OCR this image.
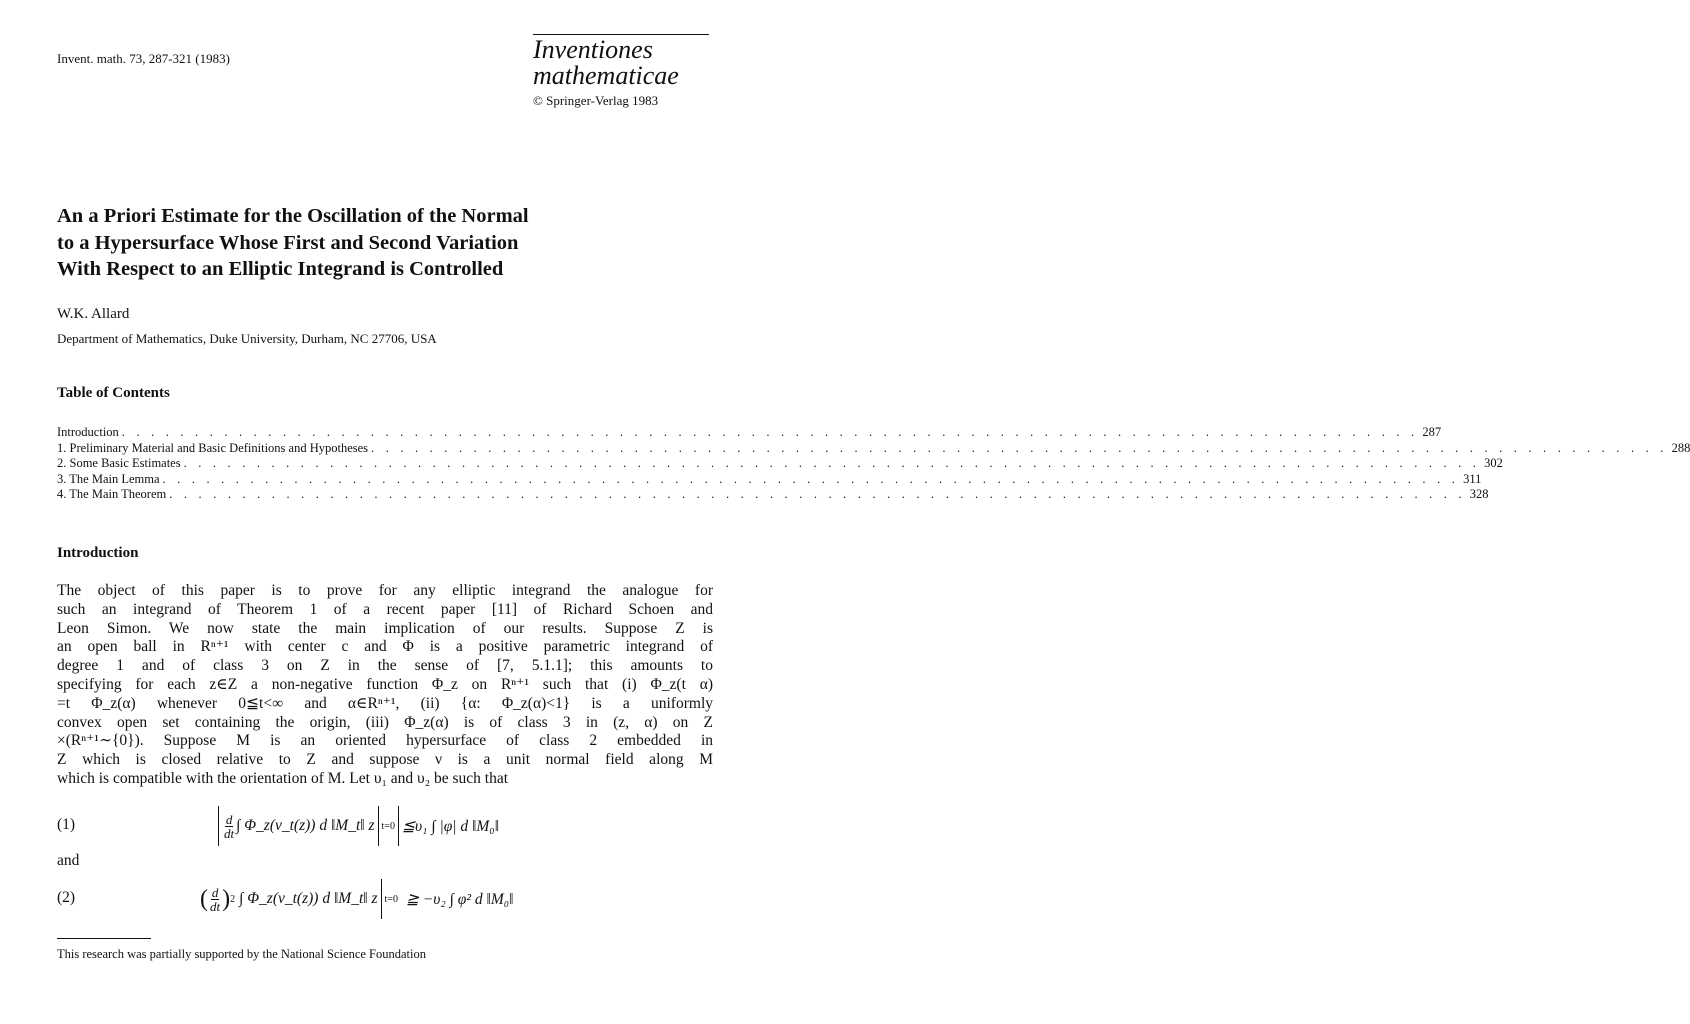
Invent. math. 73, 287-321 (1983)	Inventiones
mathematicae
© Springer-Verlag 1983
An a Priori Estimate for the Oscillation of the Normal
to a Hypersurface Whose First and Second Variation
With Respect to an Elliptic Integrand is Controlled
W.K. Allard
Department of Mathematics, Duke University, Durham, NC 27706, USA
Table of Contents
Introduction . . . . . . . . . . . . . . . . . . . . . . . . . . . . . . . . . . . . . . . . . . . . . . . . . . . . . . . . . . . . . . . . . . . . . . . . . . . . . . . . . . . . . . . . . 287
1. Preliminary Material and Basic Definitions and Hypotheses . . . . . . . . . . . . . . . . . . . . . . . . . . . . . . . . . . . . . . . . . . . . . . . . . . . . . . . . . . . . . . . . . . . . . . . . . . . . . . . . . . . . . . . . . 288
2. Some Basic Estimates . . . . . . . . . . . . . . . . . . . . . . . . . . . . . . . . . . . . . . . . . . . . . . . . . . . . . . . . . . . . . . . . . . . . . . . . . . . . . . . . . . . . . . . . . 302
3. The Main Lemma . . . . . . . . . . . . . . . . . . . . . . . . . . . . . . . . . . . . . . . . . . . . . . . . . . . . . . . . . . . . . . . . . . . . . . . . . . . . . . . . . . . . . . . . . 311
4. The Main Theorem . . . . . . . . . . . . . . . . . . . . . . . . . . . . . . . . . . . . . . . . . . . . . . . . . . . . . . . . . . . . . . . . . . . . . . . . . . . . . . . . . . . . . . . . . 328
Introduction
The object of this paper is to prove for any elliptic integrand the analogue for
such an integrand of Theorem 1 of a recent paper [11] of Richard Schoen and
Leon Simon. We now state the main implication of our results. Suppose Z is
an open ball in Rⁿ⁺¹ with center c and Φ is a positive parametric integrand of
degree 1 and of class 3 on Z in the sense of [7, 5.1.1]; this amounts to
specifying for each z∈Z a non-negative function Φ_z on Rⁿ⁺¹ such that (i) Φ_z(t α)
=t Φ_z(α) whenever 0≦t<∞ and α∈Rⁿ⁺¹, (ii) {α: Φ_z(α)<1} is a uniformly
convex open set containing the origin, (iii) Φ_z(α) is of class 3 in (z, α) on Z
×(Rⁿ⁺¹∼{0}). Suppose M is an oriented hypersurface of class 2 embedded in
Z which is closed relative to Z and suppose ν is a unit normal field along M
which is compatible with the orientation of M. Let υ₁ and υ₂ be such that
(1)	$\frac{d}{dt}$ ∫ Φ_z(ν_t(z)) d ‖M_t‖ z t=0 ≦υ₁ ∫ |φ| d ‖M₀‖
and
(2)	( $\frac{d}{dt}$ ) 2 ∫ Φ_z(ν_t(z)) d ‖M_t‖ z t=0 ≧ −υ₂ ∫ φ² d ‖M₀‖
This research was partially supported by the National Science Foundation
